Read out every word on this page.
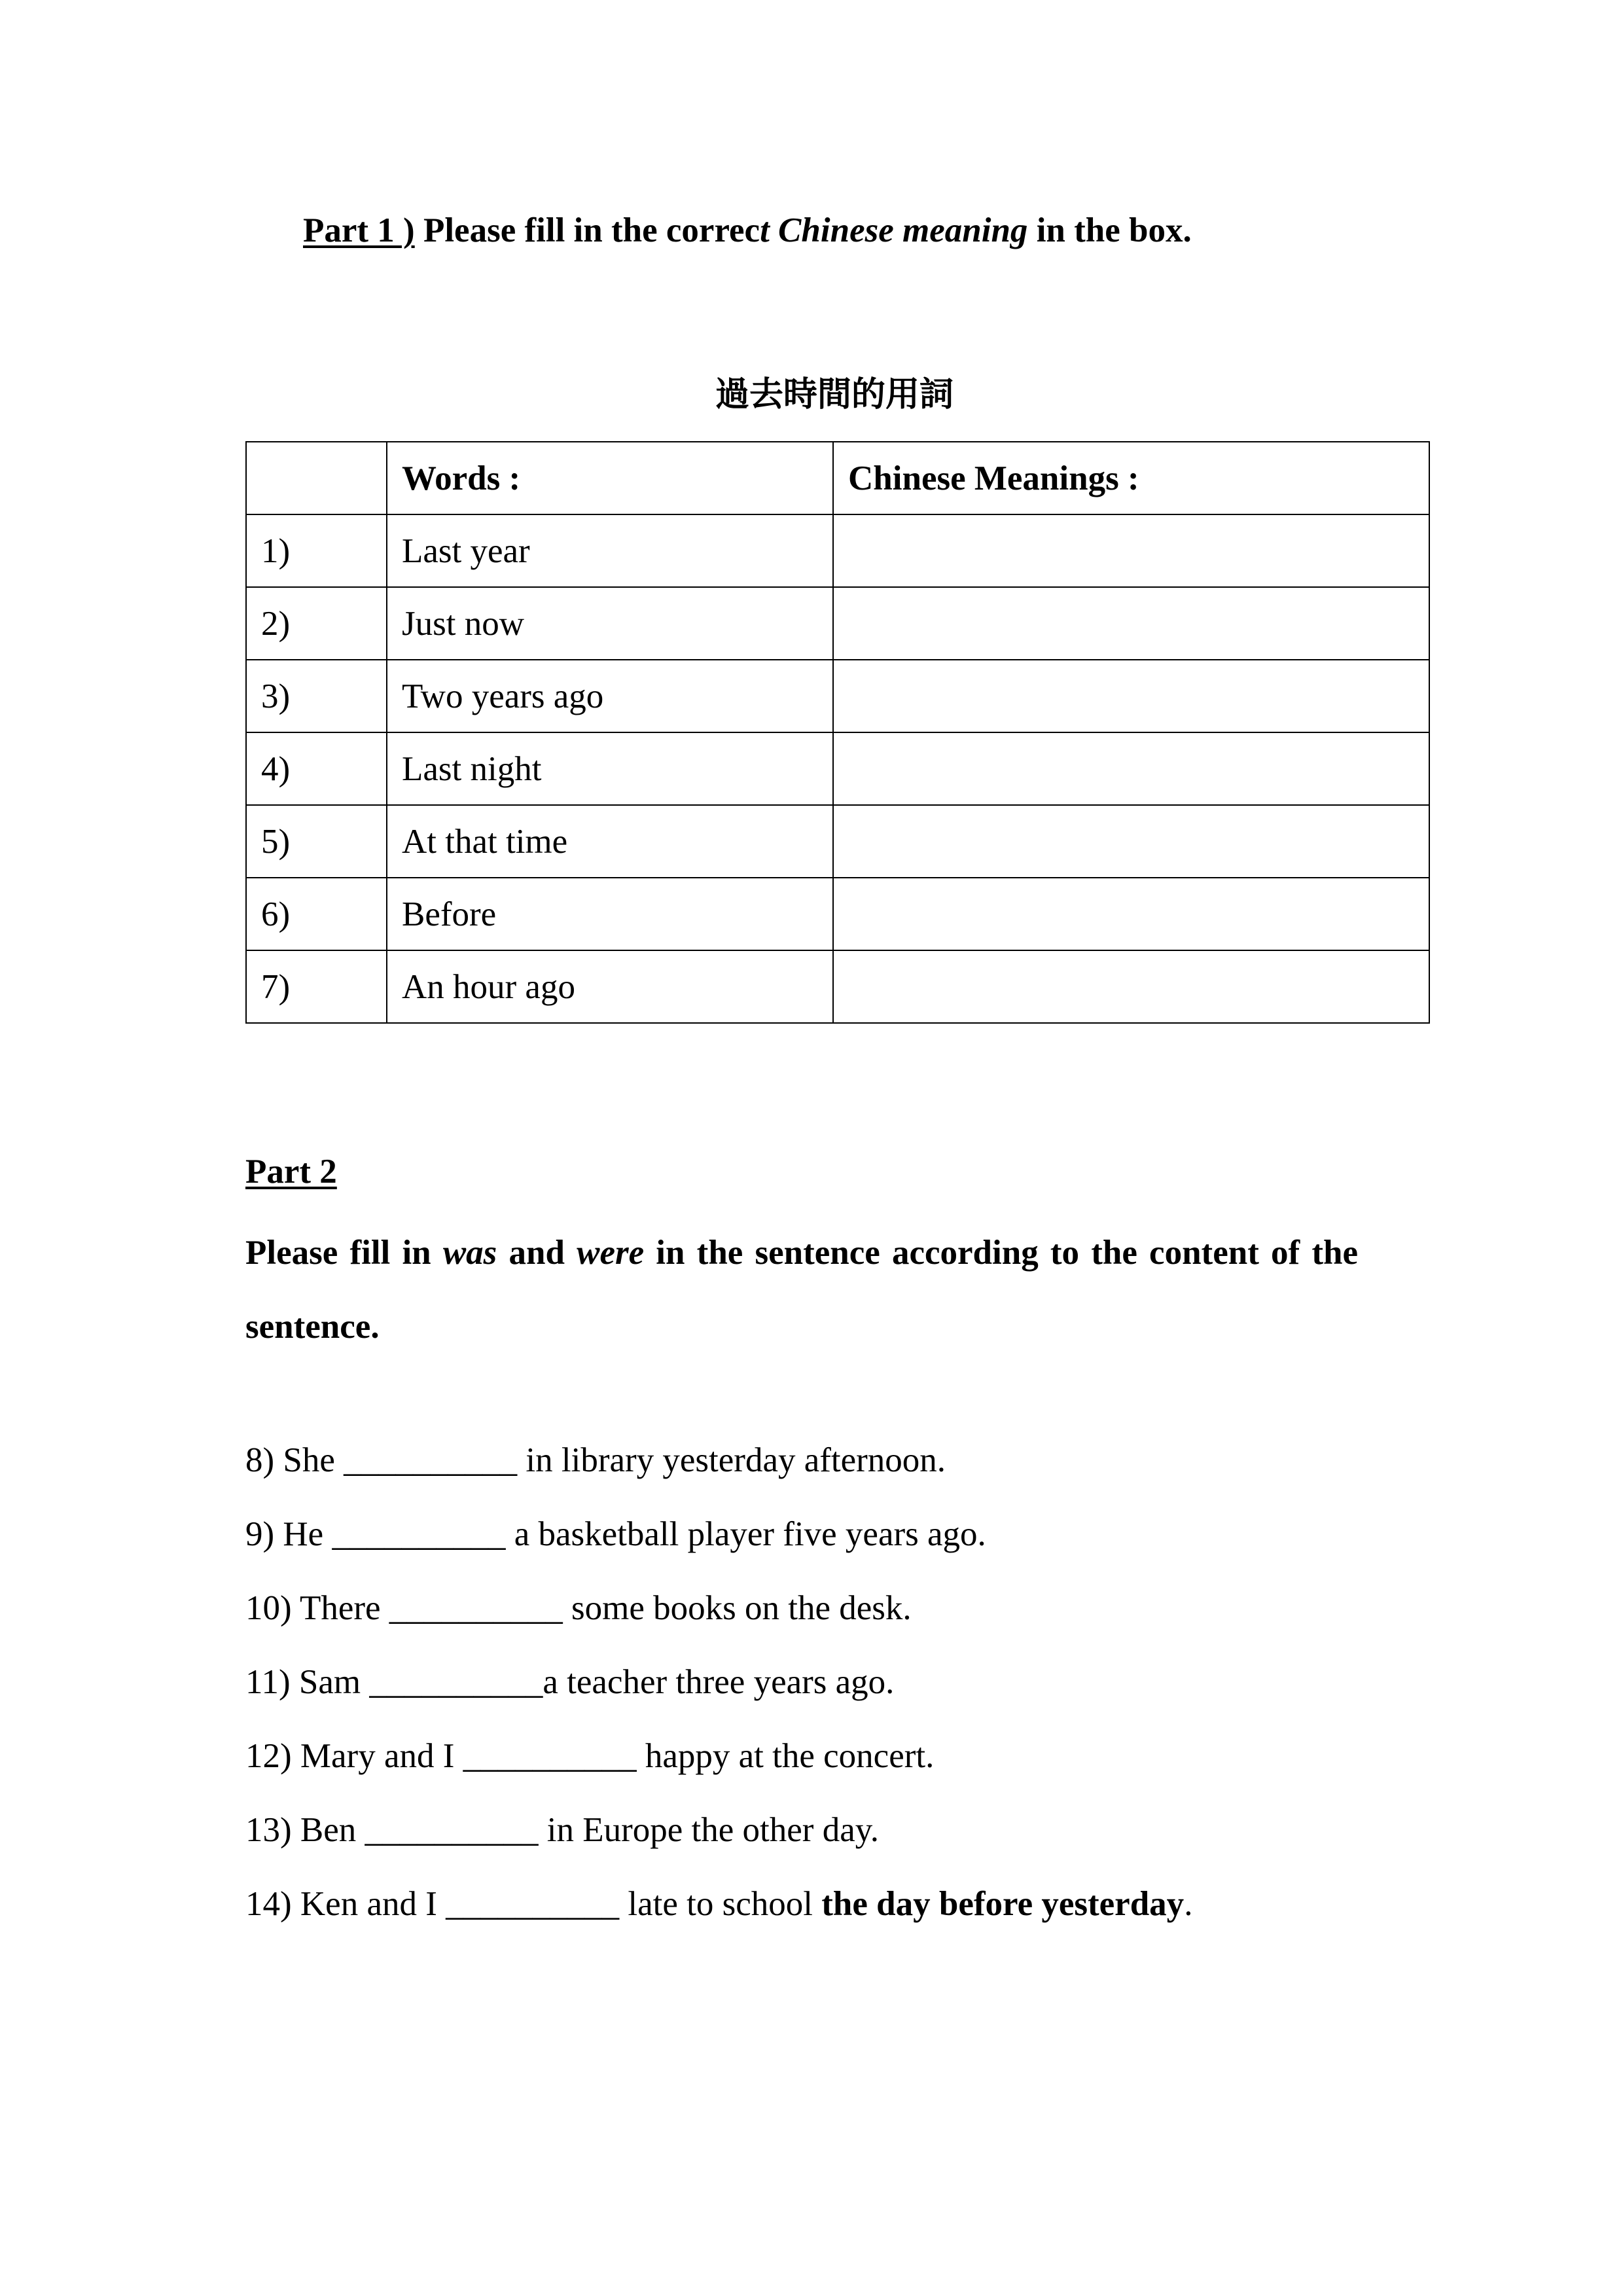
Part 1 ) Please fill in the correct Chinese meaning in the box.
過去時間的用詞
	Words :	Chinese Meanings :
1)	Last year	
2)	Just now	
3)	Two years ago	
4)	Last night	
5)	At that time	
6)	Before	
7)	An hour ago	
Part 2
Please fill in was and were in the sentence according to the content of the sentence.
8) She __________ in library yesterday afternoon.
9) He __________ a basketball player five years ago.
10) There __________ some books on the desk.
11) Sam __________a teacher three years ago.
12) Mary and I __________ happy at the concert.
13) Ben __________ in Europe the other day.
14) Ken and I __________ late to school the day before yesterday.
